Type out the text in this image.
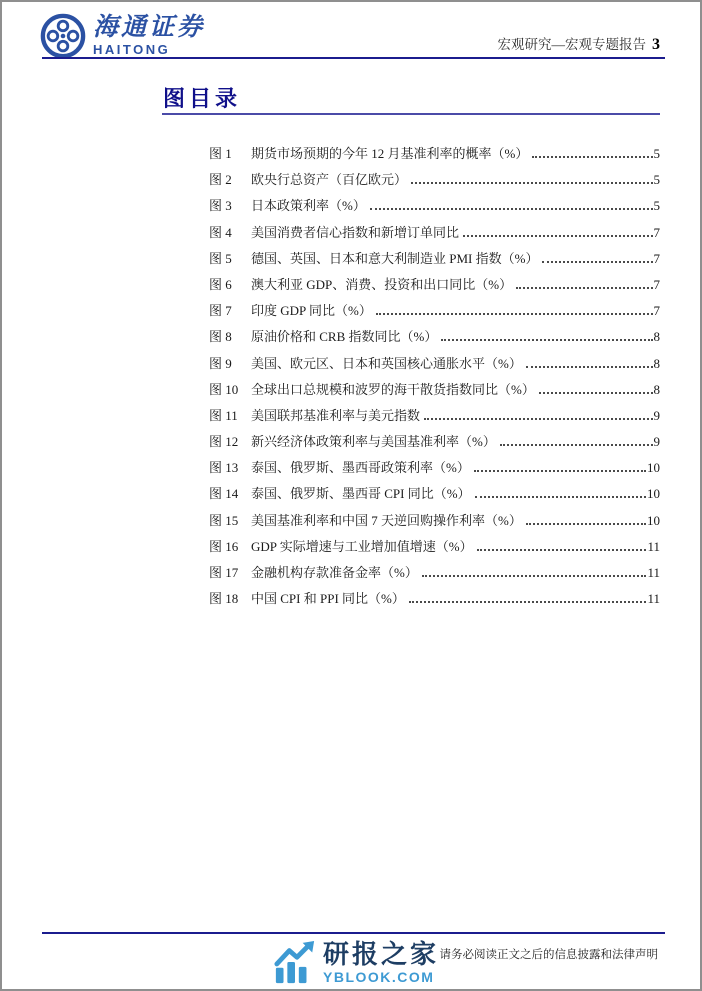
海通证券
HAITONG	宏观研究—宏观专题报告 3
图目录
图 1	期货市场预期的今年 12 月基准利率的概率（%）	5
图 2	欧央行总资产（百亿欧元）	5
图 3	日本政策利率（%）	5
图 4	美国消费者信心指数和新增订单同比	7
图 5	德国、英国、日本和意大利制造业 PMI 指数（%）	7
图 6	澳大利亚 GDP、消费、投资和出口同比（%）	7
图 7	印度 GDP 同比（%）	7
图 8	原油价格和 CRB 指数同比（%）	8
图 9	美国、欧元区、日本和英国核心通胀水平（%）	8
图 10 全球出口总规模和波罗的海干散货指数同比（%）	8
图 11	美国联邦基准利率与美元指数	9
图 12 新兴经济体政策利率与美国基准利率（%）	9
图 13 泰国、俄罗斯、墨西哥政策利率（%）	10
图 14 泰国、俄罗斯、墨西哥 CPI 同比（%）	10
图 15 美国基准利率和中国 7 天逆回购操作利率（%）	10
图 16 GDP 实际增速与工业增加值增速（%）	11
图 17 金融机构存款准备金率（%）	11
图 18 中国 CPI 和 PPI 同比（%）	11
研报之家
YBLOOK.COM
请务必阅读正文之后的信息披露和法律声明
